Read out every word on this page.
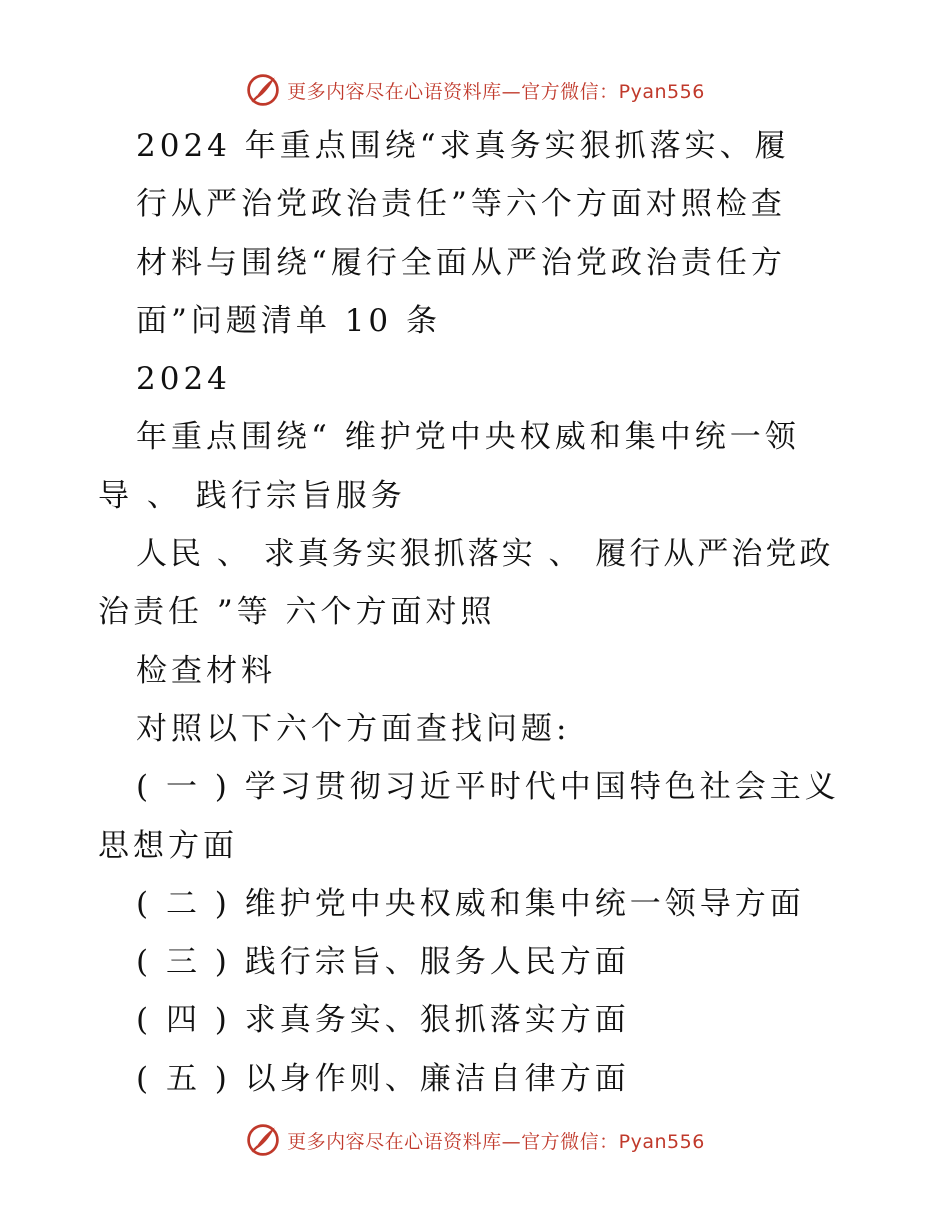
更多内容尽在心语资料库—官方微信：Pyan556
2024 年重点围绕“求真务实狠抓落实、履
行从严治党政治责任”等六个方面对照检查
材料与围绕“履行全面从严治党政治责任方
面”问题清单 10 条
2024
年重点围绕“ 维护党中央权威和集中统一领
导 、 践行宗旨服务
人民 、 求真务实狠抓落实 、 履行从严治党政
治责任 ”等 六个方面对照
检查材料
对照以下六个方面查找问题:
( 一 ) 学习贯彻习近平时代中国特色社会主义
思想方面
( 二 ) 维护党中央权威和集中统一领导方面
( 三 ) 践行宗旨、服务人民方面
( 四 ) 求真务实、狠抓落实方面
( 五 ) 以身作则、廉洁自律方面
更多内容尽在心语资料库—官方微信：Pyan556
